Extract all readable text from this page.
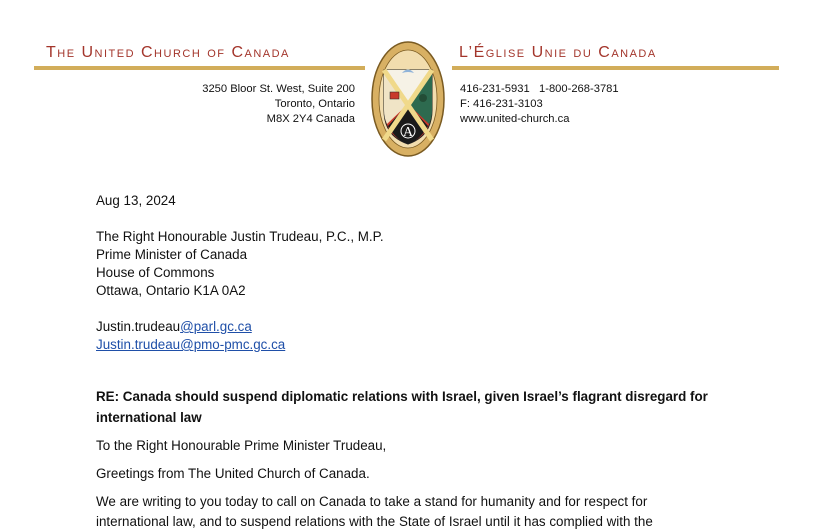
The United Church of Canada	L’Église Unie du Canada
A
3250 Bloor St. West, Suite 200
Toronto, Ontario
M8X 2Y4 Canada
416-231-5931   1-800-268-3781
F: 416-231-3103
www.united-church.ca
Aug 13, 2024
The Right Honourable Justin Trudeau, P.C., M.P.
Prime Minister of Canada
House of Commons
Ottawa, Ontario K1A 0A2
Justin.trudeau@parl.gc.ca
Justin.trudeau@pmo-pmc.gc.ca
RE: Canada should suspend diplomatic relations with Israel, given Israel’s flagrant disregard for
international law
To the Right Honourable Prime Minister Trudeau,
Greetings from The United Church of Canada.
We are writing to you today to call on Canada to take a stand for humanity and for respect for
international law, and to suspend relations with the State of Israel until it has complied with the
